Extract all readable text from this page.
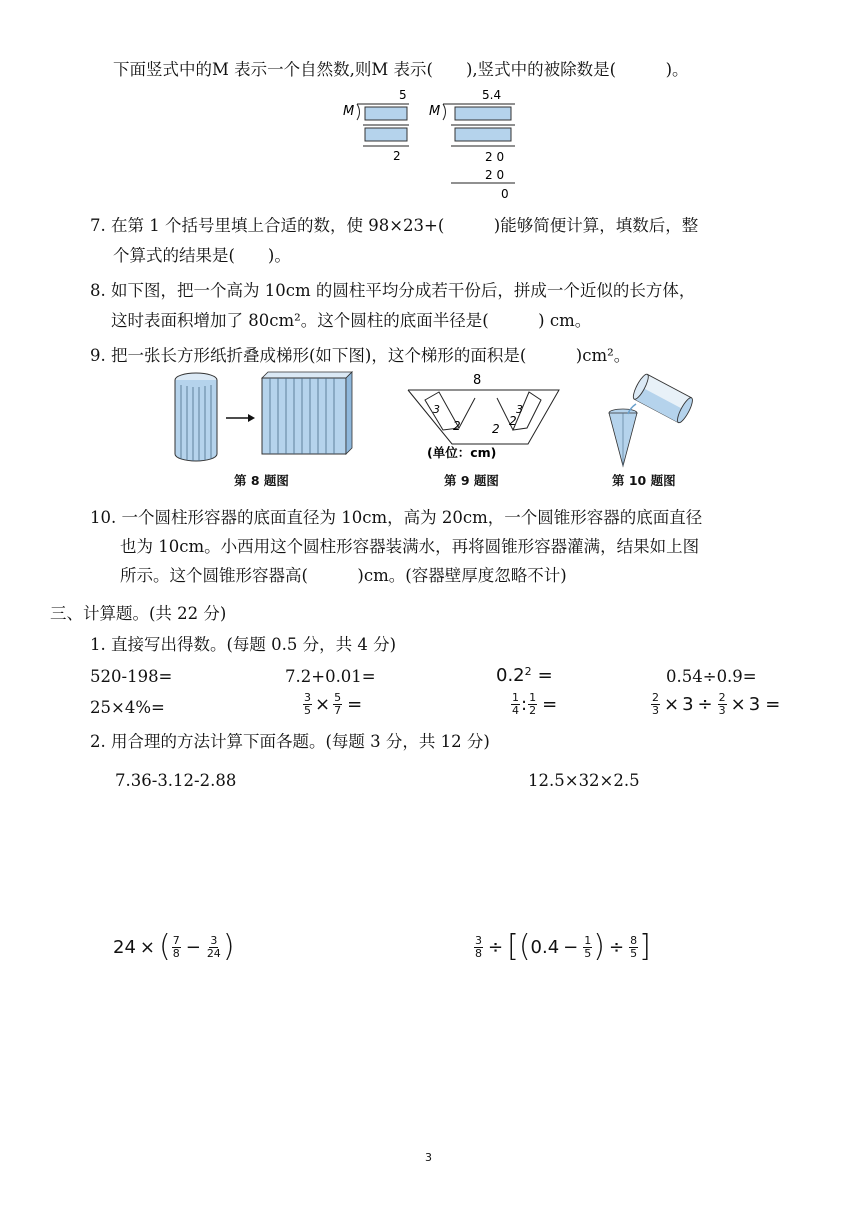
下面竖式中的M 表示一个自然数,则M 表示(　　),竖式中的被除数是(　　　)。
M
5
2
M
5.4
2 0
2 0
0
7. 在第 1 个括号里填上合适的数，使 98×23+(　　　)能够简便计算，填数后，整
个算式的结果是(　　)。
8. 如下图，把一个高为 10cm 的圆柱平均分成若干份后，拼成一个近似的长方体，
这时表面积增加了 80cm²。这个圆柱的底面半径是(　　　) cm。
9. 把一张长方形纸折叠成梯形(如下图)，这个梯形的面积是(　　　)cm²。
第 8 题图
8
3	3
2	2
2
(单位：cm)
第 9 题图	第 10 题图
10. 一个圆柱形容器的底面直径为 10cm，高为 20cm，一个圆锥形容器的底面直径
也为 10cm。小西用这个圆柱形容器装满水，再将圆锥形容器灌满，结果如上图
所示。这个圆锥形容器高(　　　)cm。(容器壁厚度忽略不计)
三、计算题。(共 22 分)
1. 直接写出得数。(每题 0.5 分，共 4 分)
520-198=	7.2+0.01=	$0.2^2$ =	0.54÷0.9=
25×4%=	$\frac{3}{5} \times \frac{5}{7}$ =	$\frac{1}{4}$ : $\frac{1}{2}$ =	$\frac{2}{3} \times 3 \div \frac{2}{3} \times 3$ =
2. 用合理的方法计算下面各题。(每题 3 分，共 12 分)
7.36-3.12-2.88	12.5×32×2.5
24 × ( $\frac{7}{8} - \frac{3}{24}$ )	$\frac{3}{8}$ ÷ [ ( $0.4 - \frac{1}{5}$ ) ÷ $\frac{8}{5}$ ]
3
